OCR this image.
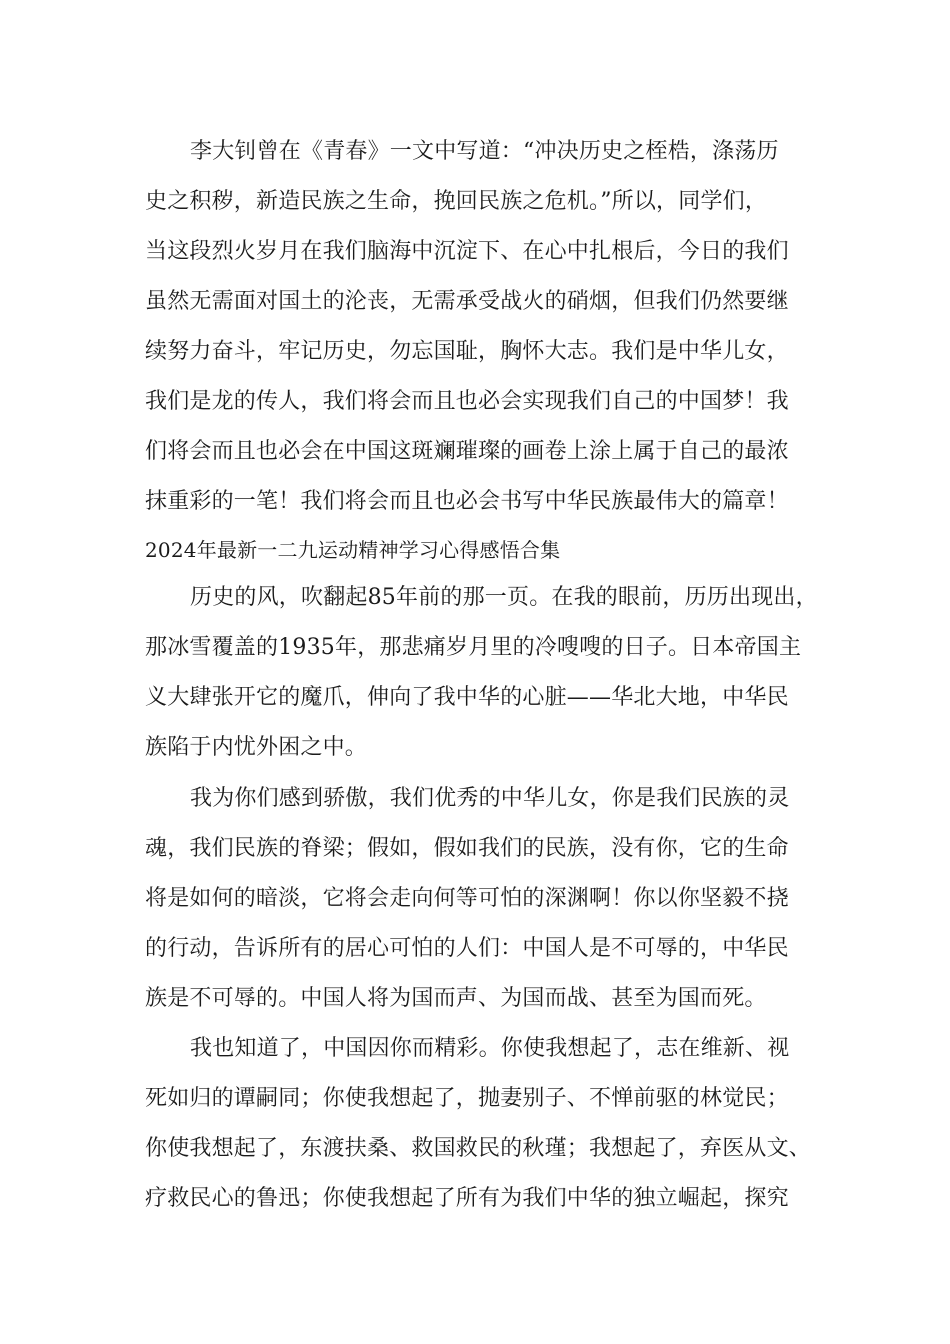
李大钊曾在《青春》一文中写道：“冲决历史之桎梏，涤荡历
史之积秽，新造民族之生命，挽回民族之危机。”所以，同学们，
当这段烈火岁月在我们脑海中沉淀下、在心中扎根后，今日的我们
虽然无需面对国土的沦丧，无需承受战火的硝烟，但我们仍然要继
续努力奋斗，牢记历史，勿忘国耻，胸怀大志。我们是中华儿女，
我们是龙的传人，我们将会而且也必会实现我们自己的中国梦！我
们将会而且也必会在中国这斑斓璀璨的画卷上涂上属于自己的最浓
抹重彩的一笔！我们将会而且也必会书写中华民族最伟大的篇章！
2024年最新一二九运动精神学习心得感悟合集
历史的风，吹翻起85年前的那一页。在我的眼前，历历出现出，
那冰雪覆盖的1935年，那悲痛岁月里的冷嗖嗖的日子。日本帝国主
义大肆张开它的魔爪，伸向了我中华的心脏——华北大地，中华民
族陷于内忧外困之中。
我为你们感到骄傲，我们优秀的中华儿女，你是我们民族的灵
魂，我们民族的脊梁；假如，假如我们的民族，没有你，它的生命
将是如何的暗淡，它将会走向何等可怕的深渊啊！你以你坚毅不挠
的行动，告诉所有的居心可怕的人们：中国人是不可辱的，中华民
族是不可辱的。中国人将为国而声、为国而战、甚至为国而死。
我也知道了，中国因你而精彩。你使我想起了，志在维新、视
死如归的谭嗣同；你使我想起了，抛妻别子、不惮前驱的林觉民；
你使我想起了，东渡扶桑、救国救民的秋瑾；我想起了，弃医从文、
疗救民心的鲁迅；你使我想起了所有为我们中华的独立崛起，探究
